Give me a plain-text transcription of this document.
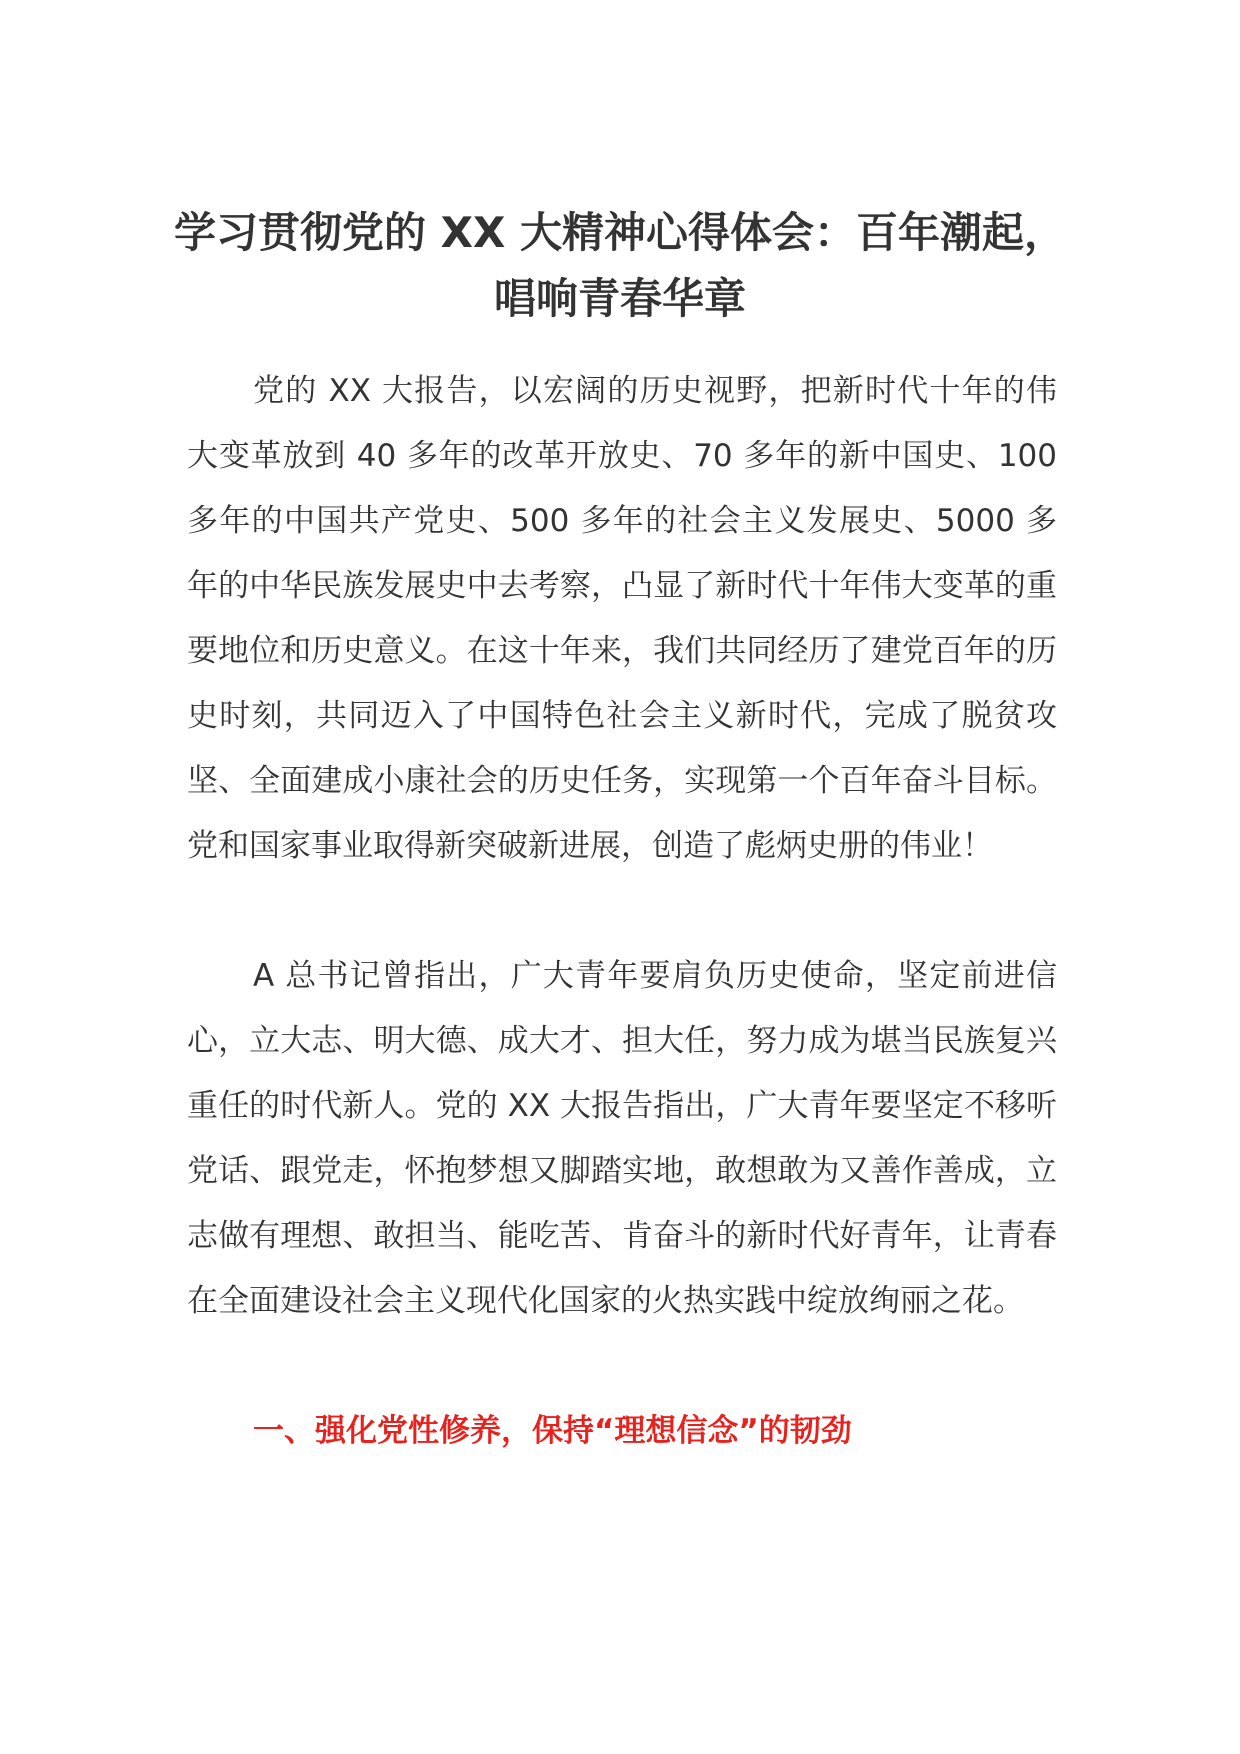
学习贯彻党的 XX 大精神心得体会：百年潮起，唱响青春华章

党的 XX 大报告，以宏阔的历史视野，把新时代十年的伟大变革放到 40 多年的改革开放史、70 多年的新中国史、100 多年的中国共产党史、500 多年的社会主义发展史、5000 多年的中华民族发展史中去考察，凸显了新时代十年伟大变革的重要地位和历史意义。在这十年来，我们共同经历了建党百年的历史时刻，共同迈入了中国特色社会主义新时代，完成了脱贫攻坚、全面建成小康社会的历史任务，实现第一个百年奋斗目标。党和国家事业取得新突破新进展，创造了彪炳史册的伟业！

A 总书记曾指出，广大青年要肩负历史使命，坚定前进信心，立大志、明大德、成大才、担大任，努力成为堪当民族复兴重任的时代新人。党的 XX 大报告指出，广大青年要坚定不移听党话、跟党走，怀抱梦想又脚踏实地，敢想敢为又善作善成，立志做有理想、敢担当、能吃苦、肯奋斗的新时代好青年，让青春在全面建设社会主义现代化国家的火热实践中绽放绚丽之花。

一、强化党性修养，保持“理想信念”的韧劲
